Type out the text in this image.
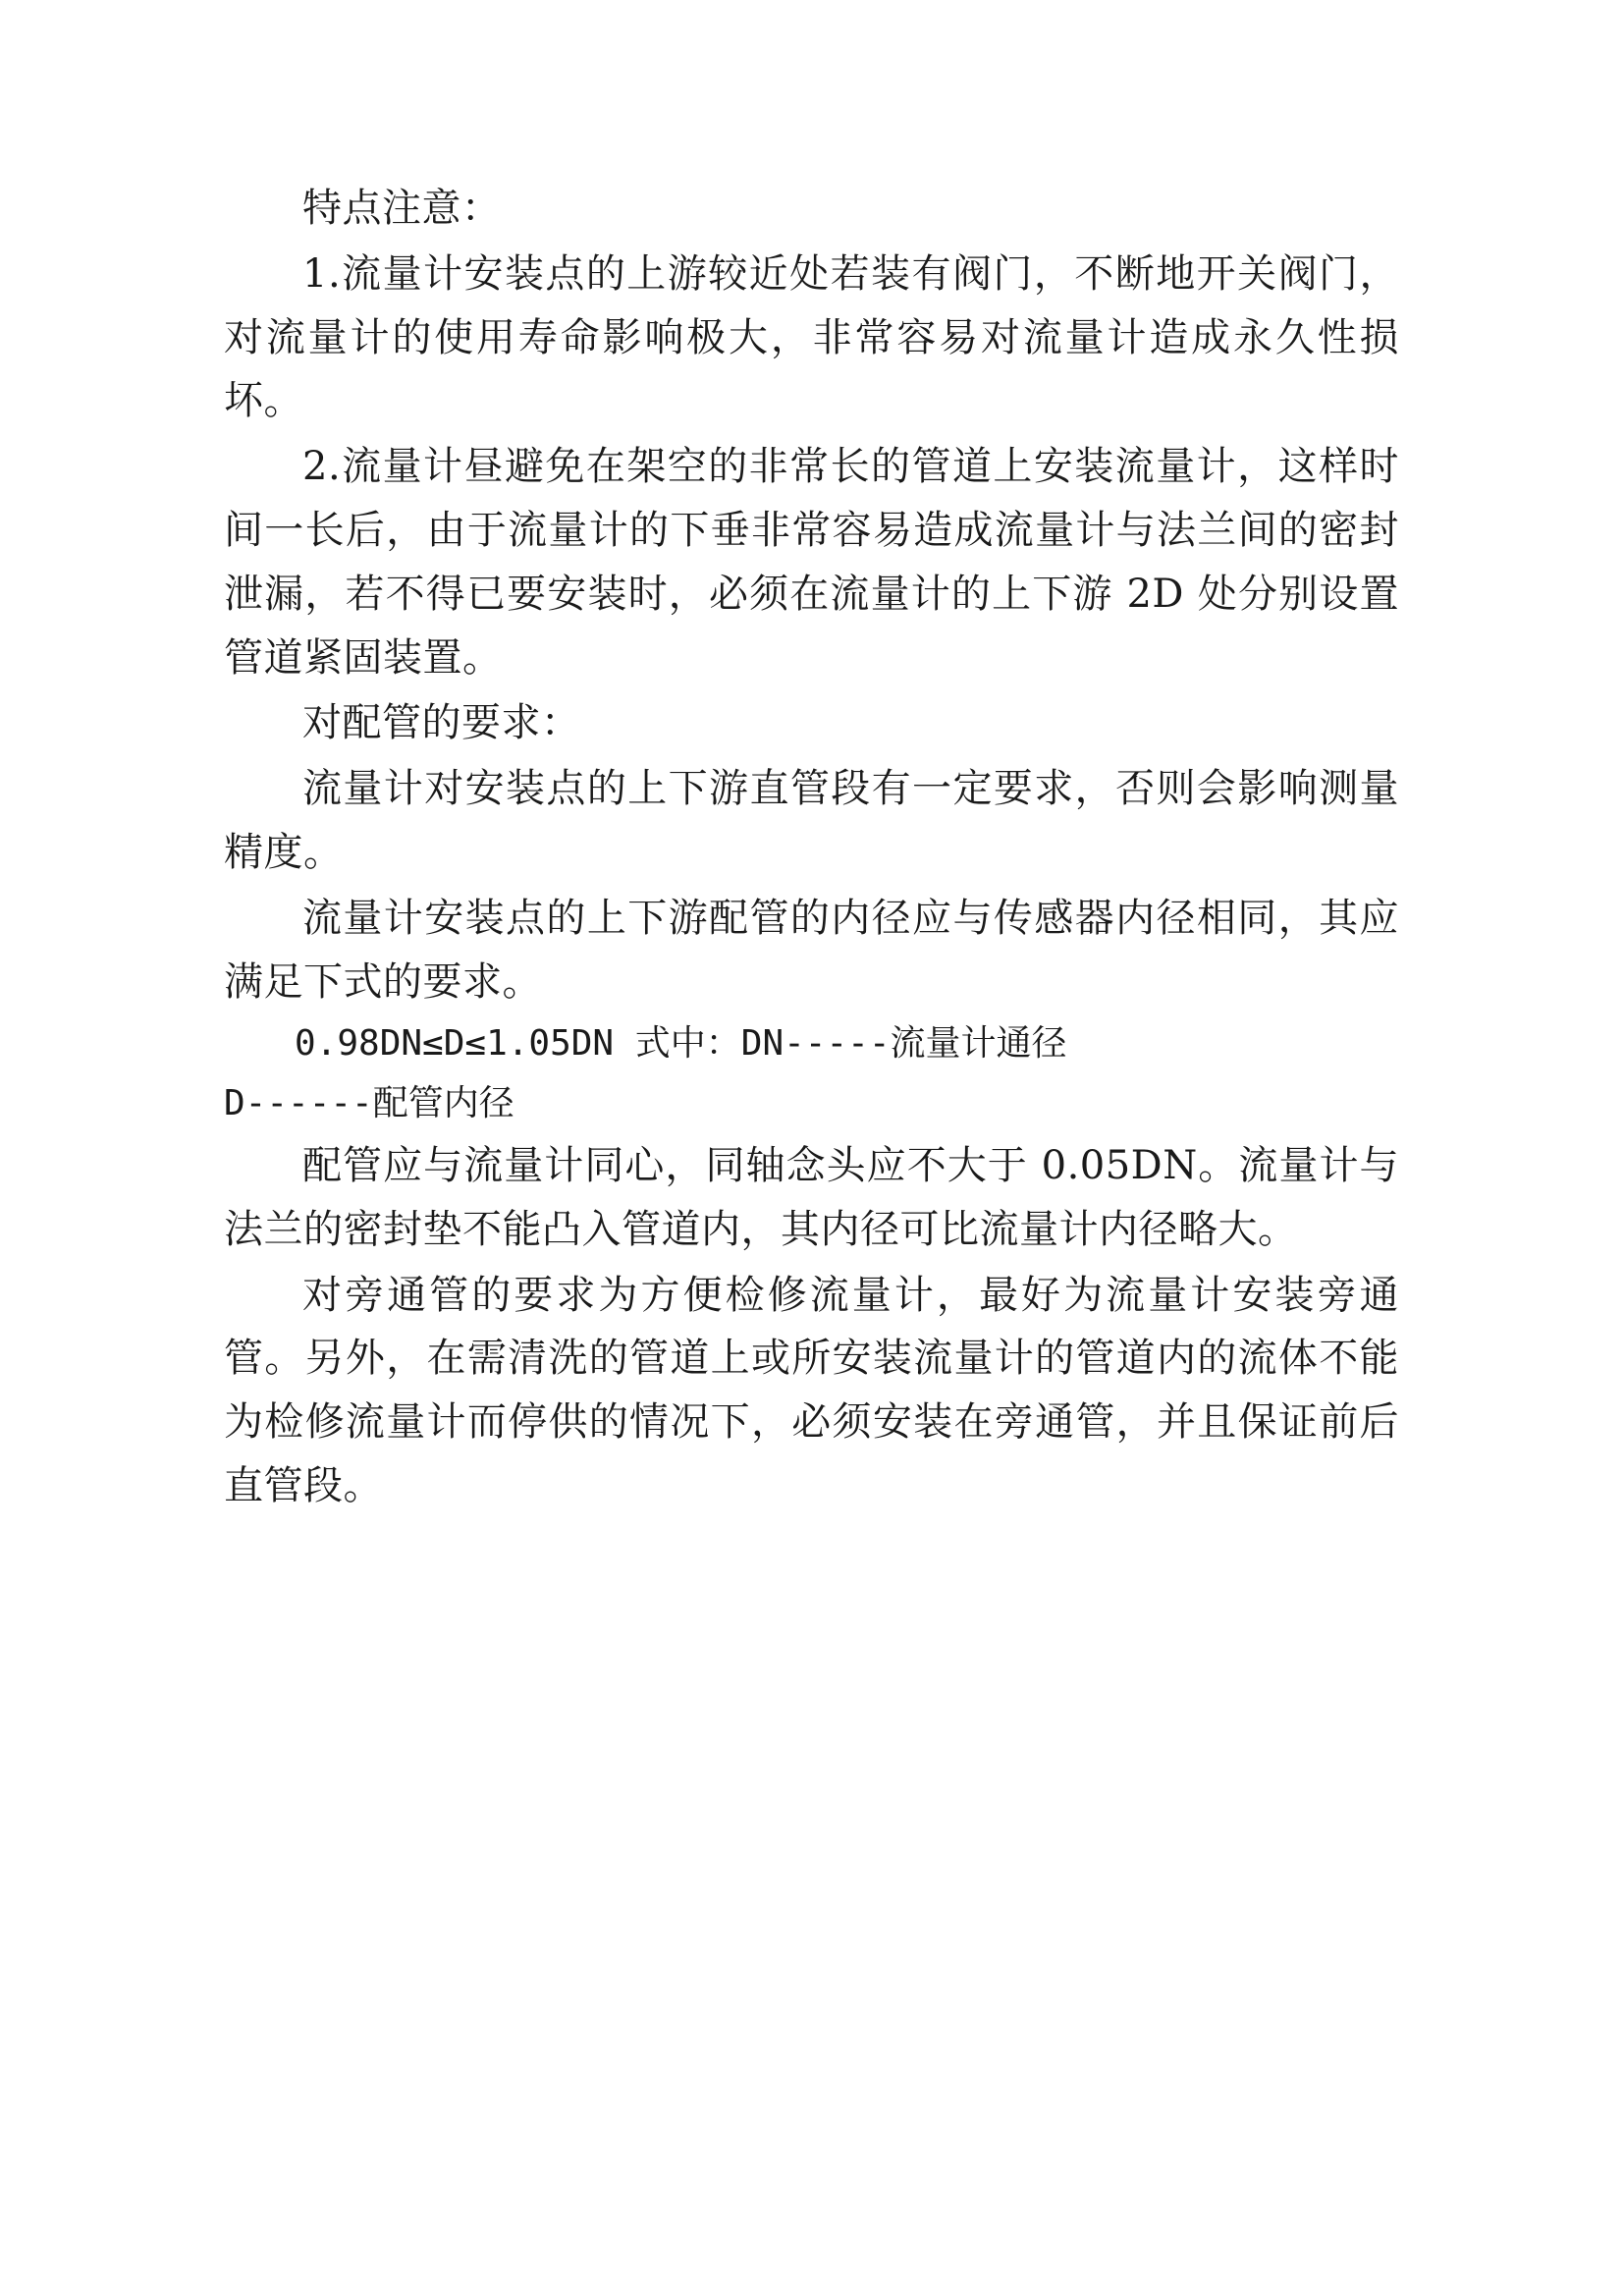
特点注意：

1.流量计安装点的上游较近处若装有阀门，不断地开关阀门，对流量计的使用寿命影响极大，非常容易对流量计造成永久性损坏。

2.流量计昼避免在架空的非常长的管道上安装流量计，这样时间一长后，由于流量计的下垂非常容易造成流量计与法兰间的密封泄漏，若不得已要安装时，必须在流量计的上下游 2D 处分别设置管道紧固装置。

对配管的要求：

流量计对安装点的上下游直管段有一定要求，否则会影响测量精度。

流量计安装点的上下游配管的内径应与传感器内径相同，其应满足下式的要求。

0.98DN≤D≤1.05DN 式中：DN-----流量计通径

D------配管内径

配管应与流量计同心，同轴念头应不大于 0.05DN。流量计与法兰的密封垫不能凸入管道内，其内径可比流量计内径略大。

对旁通管的要求为方便检修流量计，最好为流量计安装旁通管。另外，在需清洗的管道上或所安装流量计的管道内的流体不能为检修流量计而停供的情况下，必须安装在旁通管，并且保证前后直管段。
